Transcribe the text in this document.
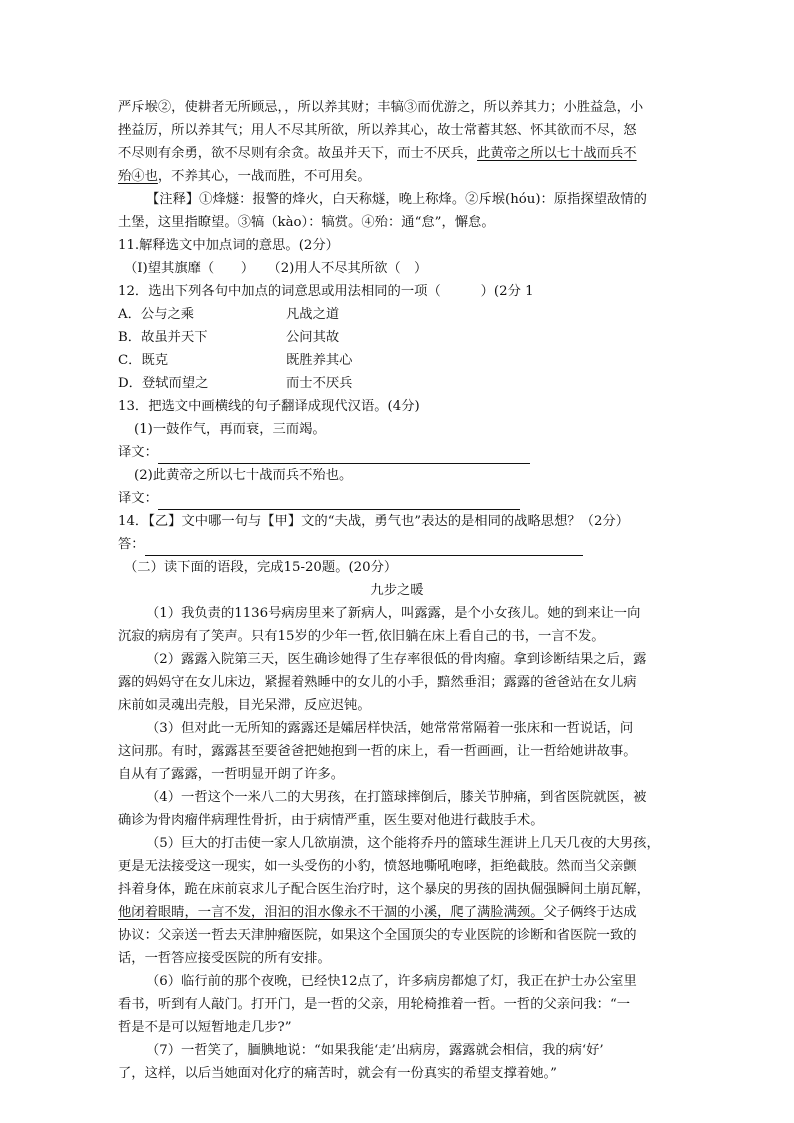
严斥堠②，使耕者无所顾忌，，所以养其财；丰犒③而优游之，所以养其力；小胜益急，小
挫益厉，所以养其气；用人不尽其所欲，所以养其心，故士常蓄其怒、怀其欲而不尽，怒
不尽则有余勇，欲不尽则有余贪。故虽并天下，而士不厌兵，此黄帝之所以七十战而兵不
殆④也，不养其心，一战而胜，不可用矣。
【注释】①烽燧：报警的烽火，白天称燧，晚上称烽。②斥堠(hóu)：原指探望敌情的
土堡，这里指瞭望。③犒（kào）：犒赏。④殆：通“怠”，懈怠。
11.解释选文中加点词的意思。(2分）
（I)望其旗靡（　　）　　（2)用人不尽其所欲（　）
12．选出下列各句中加点的词意思或用法相同的一项（　　　）(2分 1
A．公与之乘	凡战之道
B．故虽并天下	公问其故
C．既克	既胜养其心
D．登轼而望之	而士不厌兵
13．把选文中画横线的句子翻译成现代汉语。(4分)
(1)一鼓作气，再而衰，三而竭。
译文：
(2)此黄帝之所以七十战而兵不殆也。
译文：
14．【乙】文中哪一句与【甲】文的“夫战，勇气也”表达的是相同的战略思想？（2分）
答：
（二）读下面的语段，完成15-20题。(20分）
九步之暖
（1）我负责的1136号病房里来了新病人，叫露露，是个小女孩儿。她的到来让一向
沉寂的病房有了笑声。只有15岁的少年一哲,依旧躺在床上看自己的书，一言不发。
（2）露露入院第三天，医生确诊她得了生存率很低的骨肉瘤。拿到诊断结果之后，露
露的妈妈守在女儿床边，紧握着熟睡中的女儿的小手，黯然垂泪；露露的爸爸站在女儿病
床前如灵魂出壳般，目光呆滞，反应迟钝。
（3）但对此一无所知的露露还是孀居样快活，她常常常隔着一张床和一哲说话，问
这问那。有时，露露甚至要爸爸把她抱到一哲的床上，看一哲画画，让一哲给她讲故事。
自从有了露露，一哲明显开朗了许多。
（4）一哲这个一米八二的大男孩，在打篮球摔倒后，膝关节肿痛，到省医院就医，被
确诊为骨肉瘤伴病理性骨折，由于病情严重，医生要对他进行截肢手术。
（5）巨大的打击使一家人几欲崩溃，这个能将乔丹的篮球生涯讲上几天几夜的大男孩，
更是无法接受这一现实，如一头受伤的小豹，愤怒地嘶吼咆哮，拒绝截肢。然而当父亲颤
抖着身体，跪在床前哀求儿子配合医生治疗时，这个暴戾的男孩的固执倔强瞬间土崩瓦解，
他闭着眼睛，一言不发，泪汩的泪水像永不干涸的小溪，爬了满脸满颈。父子俩终于达成
协议：父亲送一哲去天津肿瘤医院，如果这个全国顶尖的专业医院的诊断和省医院一致的
话，一哲答应接受医院的所有安排。
（6）临行前的那个夜晚，已经快12点了，许多病房都熄了灯，我正在护士办公室里
看书，听到有人敲门。打开门，是一哲的父亲，用轮椅推着一哲。一哲的父亲问我：“一
哲是不是可以短暂地走几步?”
（7）一哲笑了，腼腆地说：“如果我能‘走’出病房，露露就会相信，我的病‘好’
了，这样，以后当她面对化疗的痛苦时，就会有一份真实的希望支撑着她。”
